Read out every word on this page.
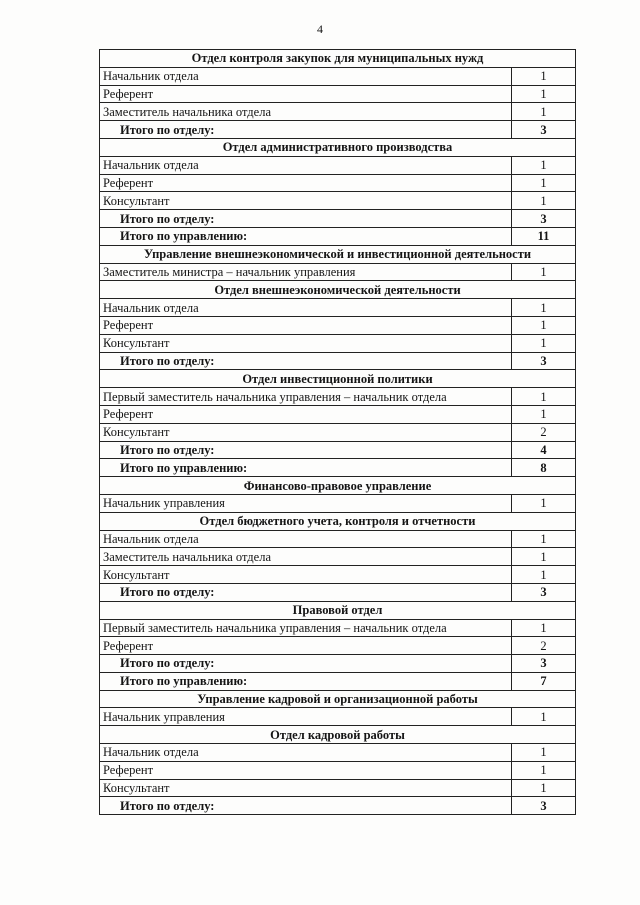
4
Отдел контроля закупок для муниципальных нужд	
Начальник отдела	1
Референт	1
Заместитель начальника отдела	1
Итого по отделу:	3
Отдел административного производства	
Начальник отдела	1
Референт	1
Консультант	1
Итого по отделу:	3
Итого по управлению:	11
Управление внешнеэкономической и инвестиционной деятельности	
Заместитель министра – начальник управления	1
Отдел внешнеэкономической деятельности	
Начальник отдела	1
Референт	1
Консультант	1
Итого по отделу:	3
Отдел инвестиционной политики	
Первый заместитель начальника управления – начальник отдела	1
Референт	1
Консультант	2
Итого по отделу:	4
Итого по управлению:	8
Финансово-правовое управление	
Начальник управления	1
Отдел бюджетного учета, контроля и отчетности	
Начальник отдела	1
Заместитель начальника отдела	1
Консультант	1
Итого по отделу:	3
Правовой отдел	
Первый заместитель начальника управления – начальник отдела	1
Референт	2
Итого по отделу:	3
Итого по управлению:	7
Управление кадровой и организационной работы	
Начальник управления	1
Отдел кадровой работы	
Начальник отдела	1
Референт	1
Консультант	1
Итого по отделу:	3
